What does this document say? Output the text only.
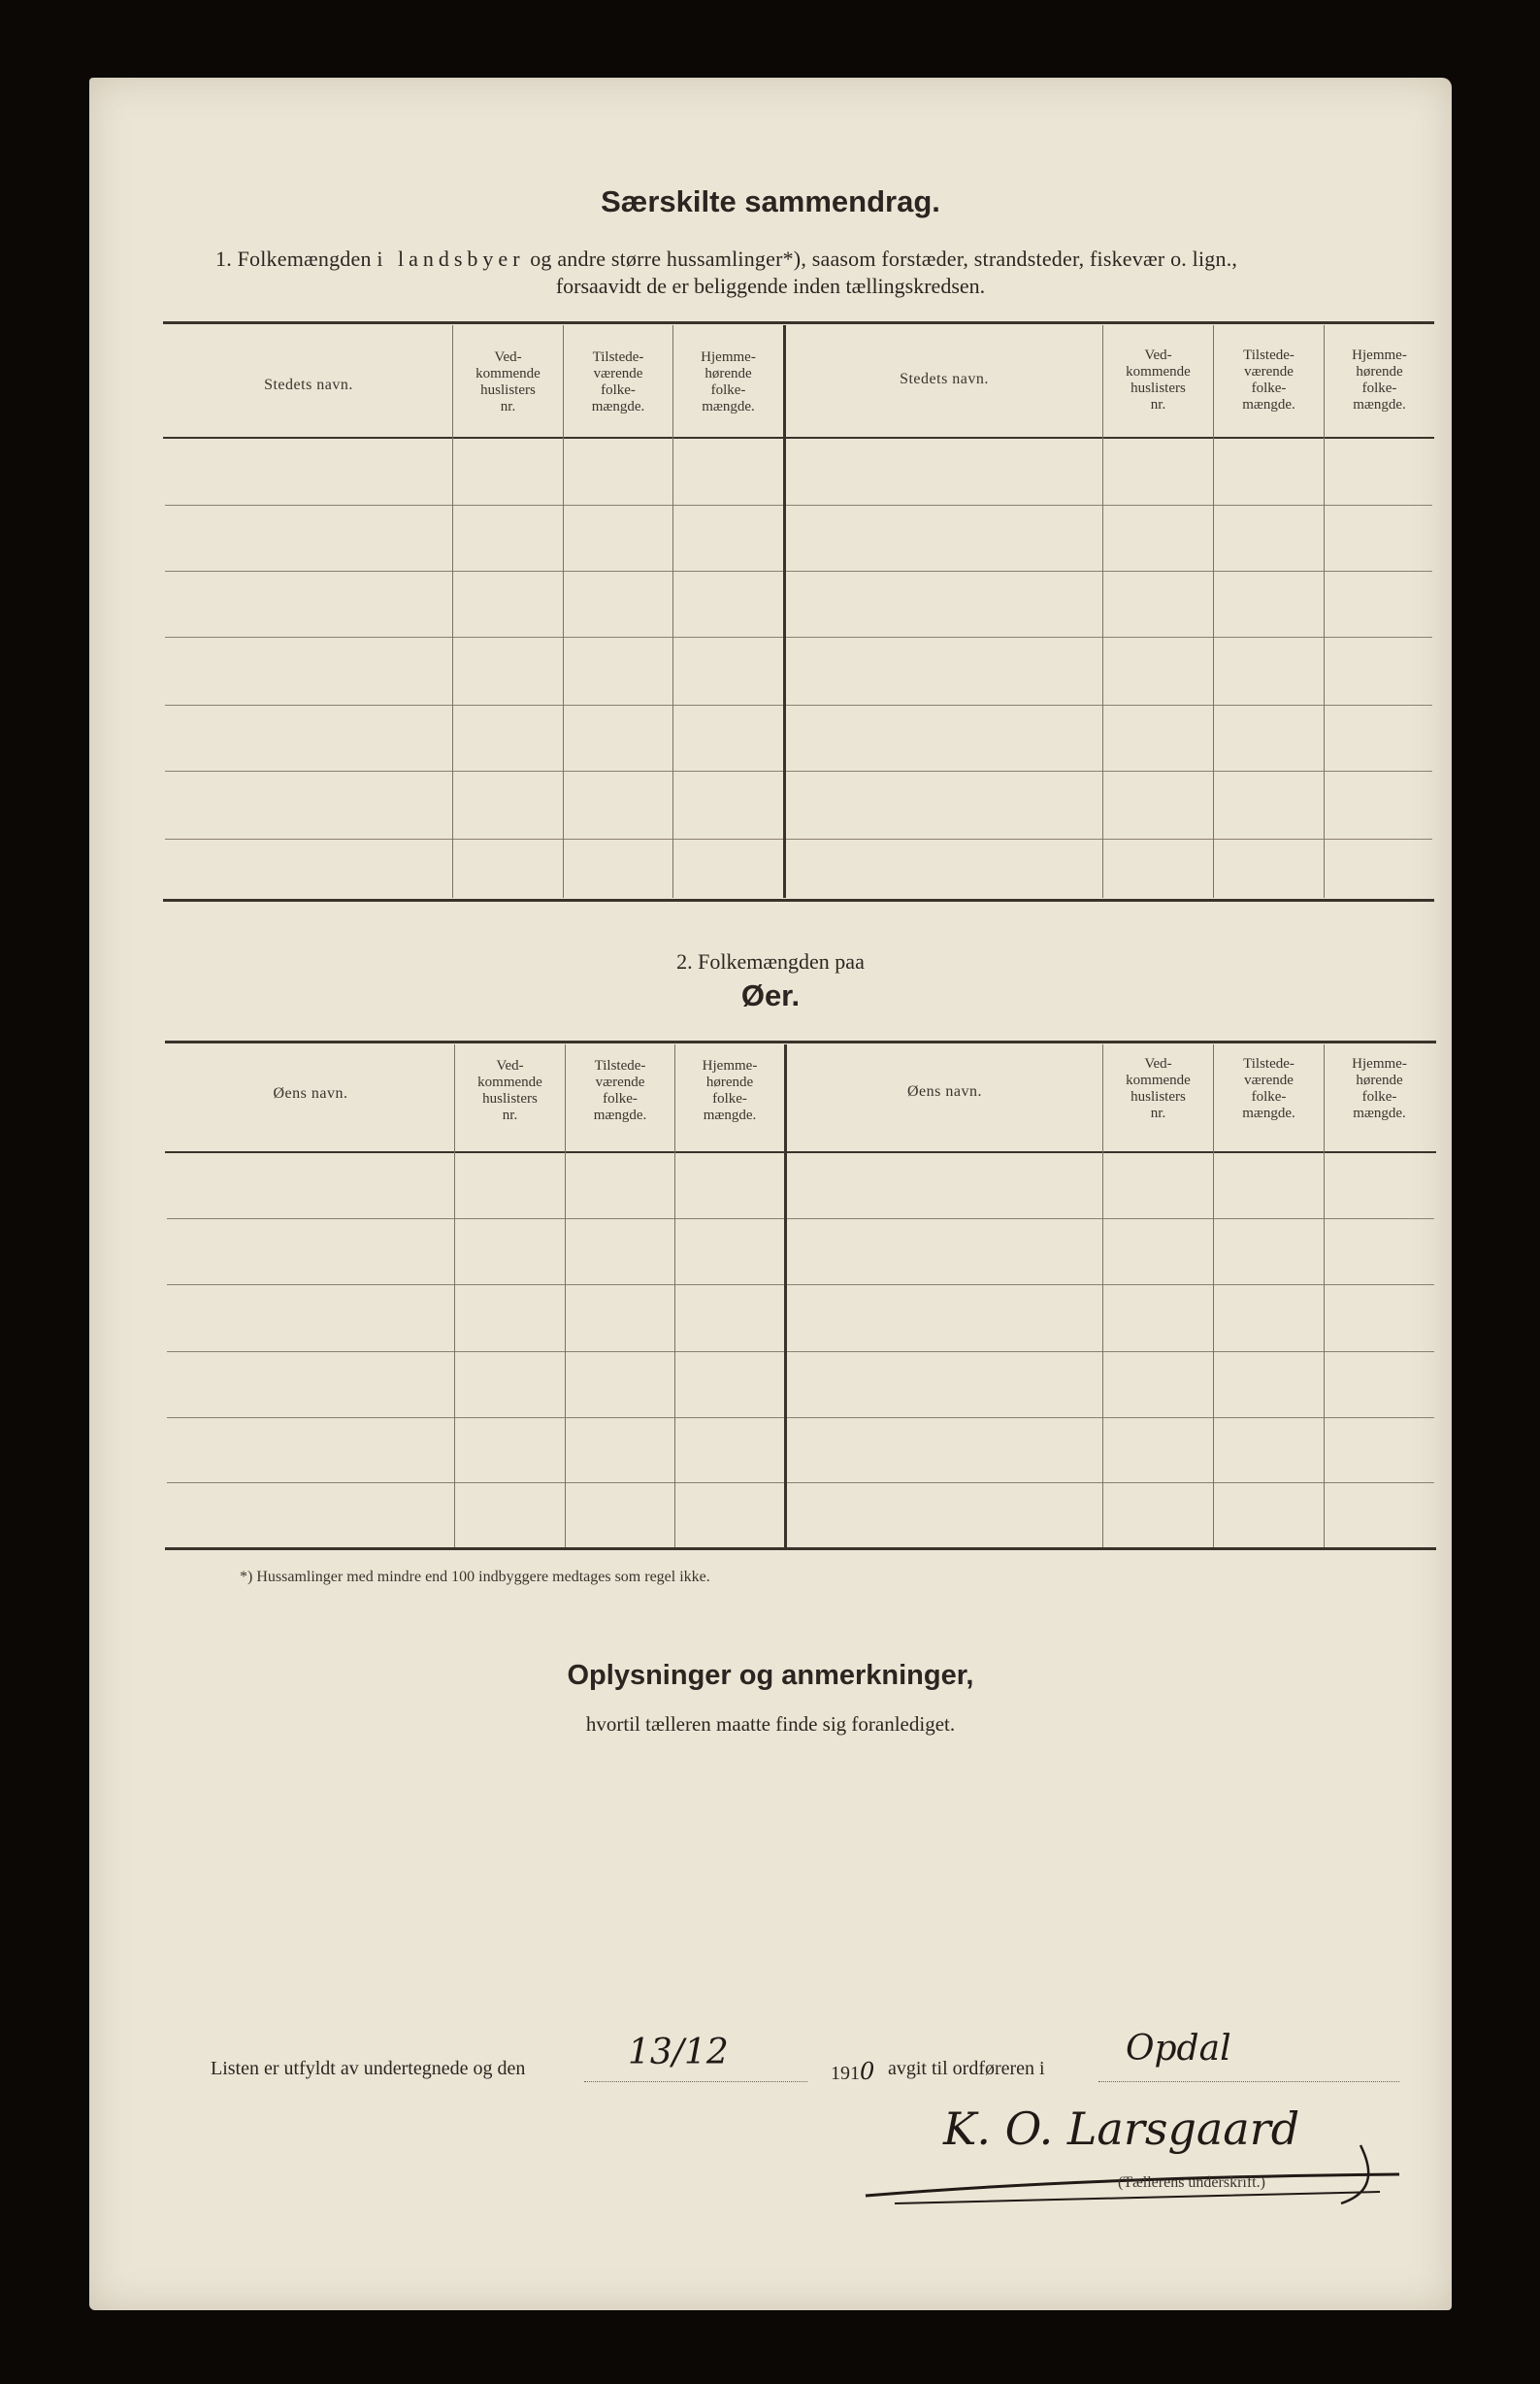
Særskilte sammendrag.
1. Folkemængden i landsbyer og andre større hussamlinger*), saasom forstæder, strandsteder, fiskevær o. lign.,
forsaavidt de er beliggende inden tællingskredsen.
Stedets navn.
Ved-
kommende
huslisters
nr.
Tilstede-
værende
folke-
mængde.
Hjemme-
hørende
folke-
mængde.
Stedets navn.
Ved-
kommende
huslisters
nr.
Tilstede-
værende
folke-
mængde.
Hjemme-
hørende
folke-
mængde.
2. Folkemængden paa
Øer.
Øens navn.
Ved-
kommende
huslisters
nr.
Tilstede-
værende
folke-
mængde.
Hjemme-
hørende
folke-
mængde.
Øens navn.
Ved-
kommende
huslisters
nr.
Tilstede-
værende
folke-
mængde.
Hjemme-
hørende
folke-
mængde.
*) Hussamlinger med mindre end 100 indbyggere medtages som regel ikke.
Oplysninger og anmerkninger,
hvortil tælleren maatte finde sig foranlediget.
Listen er utfyldt av undertegnede og den	13/12
1910 avgit til ordføreren i Opdal
K. O. Larsgaard
(Tællerens underskrift.)
